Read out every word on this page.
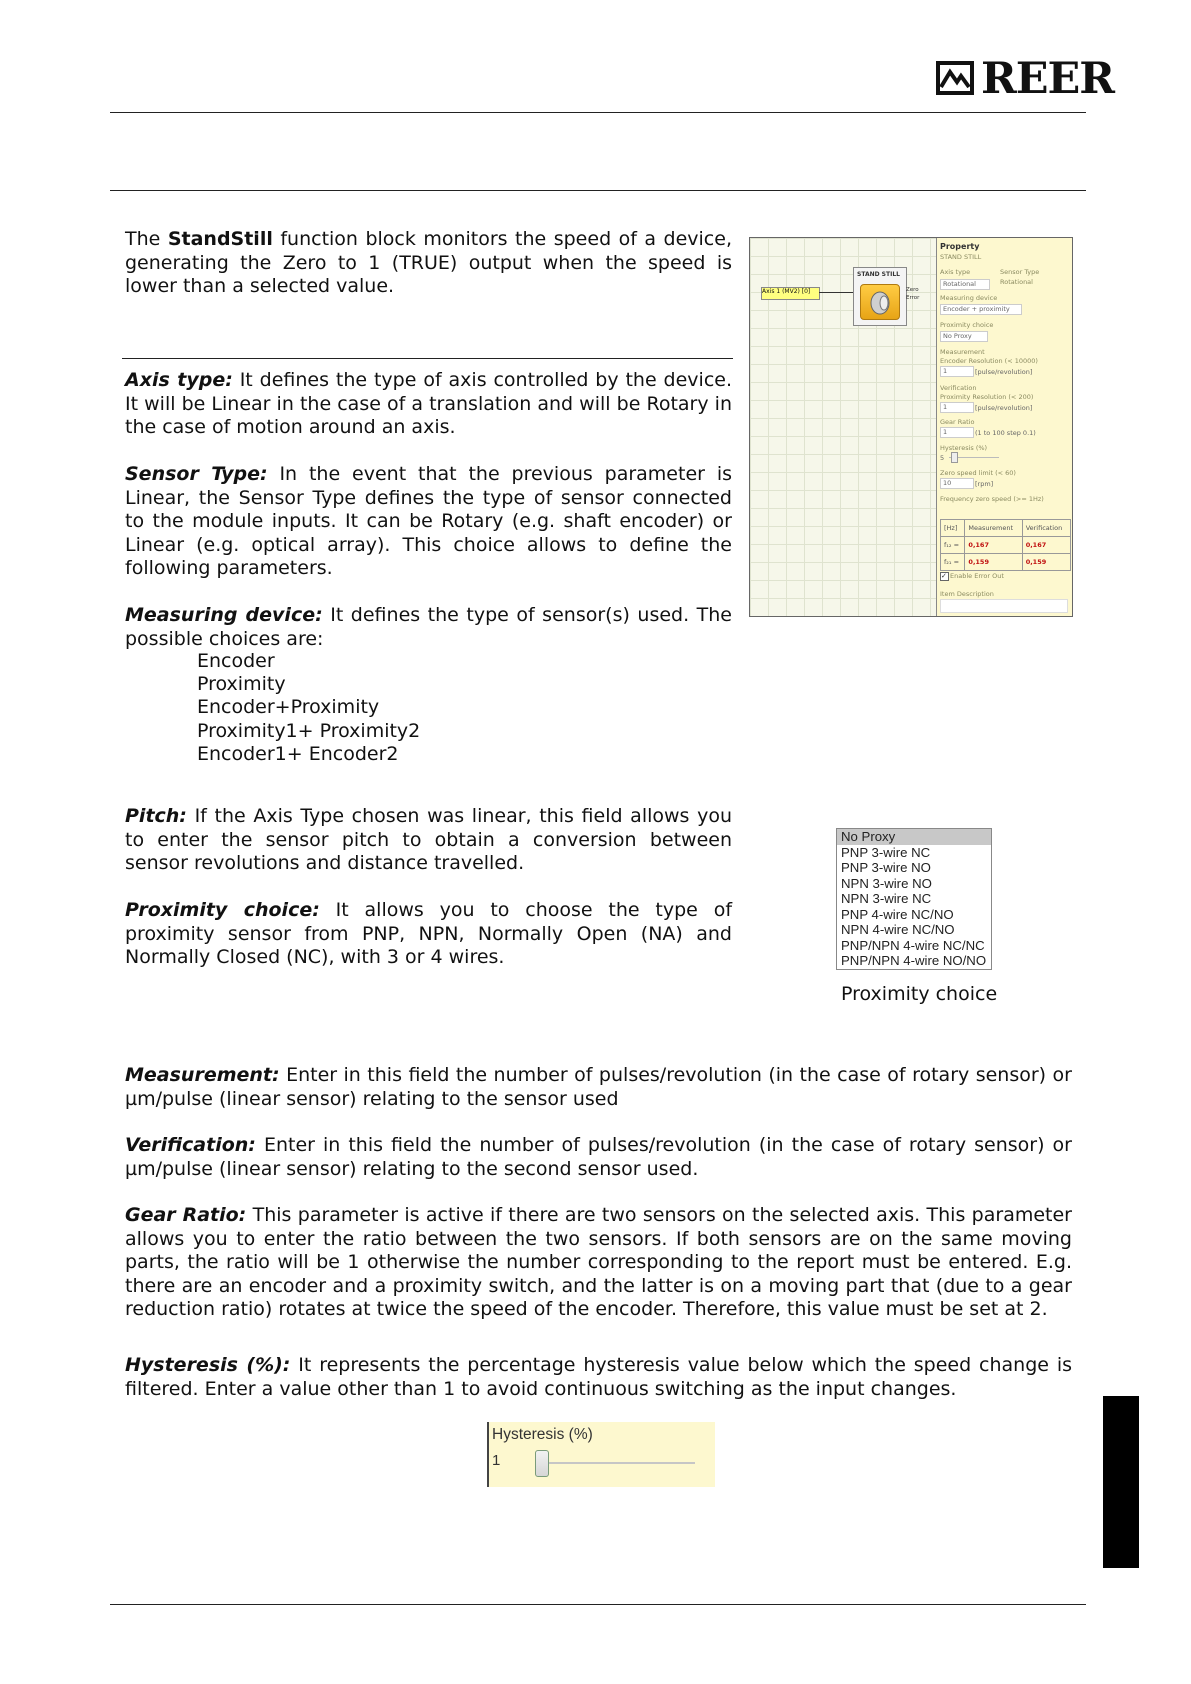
REER
The StandStill function block monitors the speed of a device, generating the Zero to 1 (TRUE) output when the speed is lower than a selected value.
Axis type: It defines the type of axis controlled by the device. It will be Linear in the case of a translation and will be Rotary in the case of motion around an axis.
Sensor Type: In the event that the previous parameter is Linear, the Sensor Type defines the type of sensor connected to the module inputs. It can be Rotary (e.g. shaft encoder) or Linear (e.g. optical array). This choice allows to define the following parameters.
Measuring device: It defines the type of sensor(s) used. The possible choices are:
Encoder
Proximity
Encoder+Proximity
Proximity1+ Proximity2
Encoder1+ Encoder2
Pitch: If the Axis Type chosen was linear, this field allows you to enter the sensor pitch to obtain a conversion between sensor revolutions and distance travelled.
Proximity choice: It allows you to choose the type of proximity sensor from PNP, NPN, Normally Open (NA) and Normally Closed (NC), with 3 or 4 wires.
Measurement: Enter in this field the number of pulses/revolution (in the case of rotary sensor) or µm/pulse (linear sensor) relating to the sensor used
Verification: Enter in this field the number of pulses/revolution (in the case of rotary sensor) or µm/pulse (linear sensor) relating to the second sensor used.
Gear Ratio: This parameter is active if there are two sensors on the selected axis. This parameter allows you to enter the ratio between the two sensors. If both sensors are on the same moving parts, the ratio will be 1 otherwise the number corresponding to the report must be entered. E.g. there are an encoder and a proximity switch, and the latter is on a moving part that (due to a gear reduction ratio) rotates at twice the speed of the encoder. Therefore, this value must be set at 2.
Hysteresis (%): It represents the percentage hysteresis value below which the speed change is filtered. Enter a value other than 1 to avoid continuous switching as the input changes.
Axis 1 (MV2) [0]
STAND STILL
Zero
Error
Property
STAND STILL
Axis type	Sensor Type
Rotational	Rotational
Measuring device
Encoder + proximity
Proximity choice
No Proxy
Measurement
Encoder Resolution (< 10000)
1	[pulse/revolution]
Verification
Proximity Resolution (< 200)
1	[pulse/revolution]
Gear Ratio
1	(1 to 100 step 0.1)
Hysteresis (%)
5
Zero speed limit (< 60)
10	[rpm]
Frequency zero speed (>= 1Hz)
[Hz]	Measurement	Verification
f₁₂ =	0,167	0,167
f₂₁ =	0,159	0,159
✓ Enable Error Out
Item Description
No Proxy
PNP 3-wire NC
PNP 3-wire NO
NPN 3-wire NO
NPN 3-wire NC
PNP 4-wire NC/NO
NPN 4-wire NC/NO
PNP/NPN 4-wire NC/NC
PNP/NPN 4-wire NO/NO
Proximity choice
Hysteresis (%)
1
